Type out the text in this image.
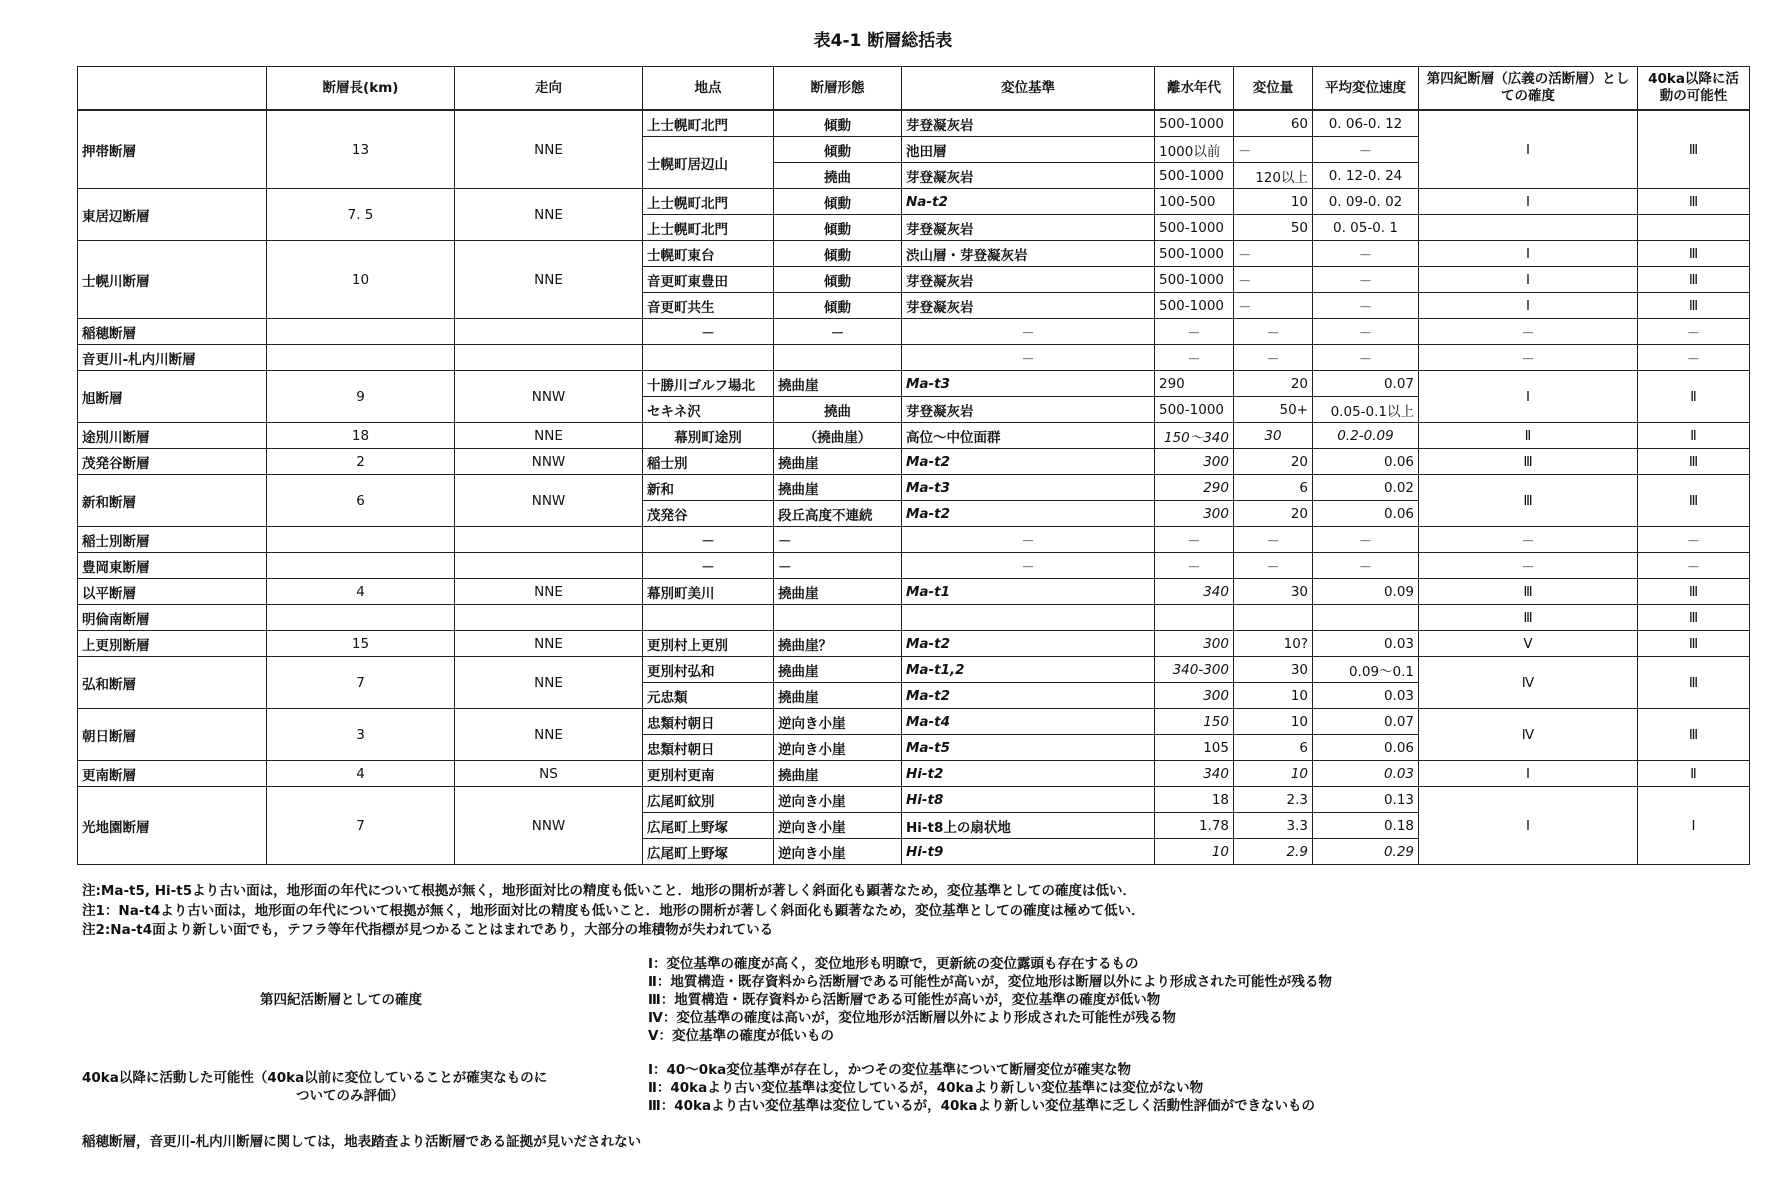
表4-1 断層総括表
	断層長(km)	走向	地点	断層形態	変位基準	離水年代	変位量	平均変位速度	第四紀断層（広義の活断層）としての確度	40ka以降に活動の可能性
押帯断層	13	NNE	上士幌町北門	傾動	芽登凝灰岩	500-1000	60	0. 06-0. 12	Ⅰ	Ⅲ
			士幌町居辺山	傾動	池田層	1000以前	－	－		
				撓曲	芽登凝灰岩	500-1000	120以上	0. 12-0. 24		
東居辺断層	7. 5	NNE	上士幌町北門	傾動	Na-t2	100-500	10	0. 09-0. 02	Ⅰ	Ⅲ
			上士幌町北門	傾動	芽登凝灰岩	500-1000	50	0. 05-0. 1		
士幌川断層	10	NNE	士幌町東台	傾動	渋山層・芽登凝灰岩	500-1000	－	－	Ⅰ	Ⅲ
			音更町東豊田	傾動	芽登凝灰岩	500-1000	－	－	Ⅰ	Ⅲ
			音更町共生	傾動	芽登凝灰岩	500-1000	－	－	Ⅰ	Ⅲ
稲穂断層			－	－	－	－	－	－	－	－
音更川-札内川断層					－	－	－	－	－	－
旭断層	9	NNW	十勝川ゴルフ場北	撓曲崖	Ma-t3	290	20	0.07	Ⅰ	Ⅱ
			セキネ沢	撓曲	芽登凝灰岩	500-1000	50+	0.05-0.1以上		
途別川断層	18	NNE	幕別町途別	（撓曲崖）	高位～中位面群	150～340	30	0.2-0.09	Ⅱ	Ⅱ
茂発谷断層	2	NNW	稲士別	撓曲崖	Ma-t2	300	20	0.06	Ⅲ	Ⅲ
新和断層	6	NNW	新和	撓曲崖	Ma-t3	290	6	0.02	Ⅲ	Ⅲ
			茂発谷	段丘高度不連続	Ma-t2	300	20	0.06		
稲士別断層			－	－	－	－	－	－	－	－
豊岡東断層			－	－	－	－	－	－	－	－
以平断層	4	NNE	幕別町美川	撓曲崖	Ma-t1	340	30	0.09	Ⅲ	Ⅲ
明倫南断層									Ⅲ	Ⅲ
上更別断層	15	NNE	更別村上更別	撓曲崖？	Ma-t2	300	10?	0.03	Ⅴ	Ⅲ
弘和断層	7	NNE	更別村弘和	撓曲崖	Ma-t1,2	340-300	30	0.09～0.1	Ⅳ	Ⅲ
			元忠類	撓曲崖	Ma-t2	300	10	0.03		
朝日断層	3	NNE	忠類村朝日	逆向き小崖	Ma-t4	150	10	0.07	Ⅳ	Ⅲ
			忠類村朝日	逆向き小崖	Ma-t5	105	6	0.06		
更南断層	4	NS	更別村更南	撓曲崖	Hi-t2	340	10	0.03	Ⅰ	Ⅱ
光地園断層	7	NNW	広尾町紋別	逆向き小崖	Hi-t8	18	2.3	0.13	Ⅰ	Ⅰ
			広尾町上野塚	逆向き小崖	Hi-t8上の扇状地	1.78	3.3	0.18		
			広尾町上野塚	逆向き小崖	Hi-t9	10	2.9	0.29		
注:Ma-t5, Hi-t5より古い面は，地形面の年代について根拠が無く，地形面対比の精度も低いこと．地形の開析が著しく斜面化も顕著なため，変位基準としての確度は低い．
注1：Na-t4より古い面は，地形面の年代について根拠が無く，地形面対比の精度も低いこと．地形の開析が著しく斜面化も顕著なため，変位基準としての確度は極めて低い．
注2:Na-t4面より新しい面でも，テフラ等年代指標が見つかることはまれであり，大部分の堆積物が失われている
第四紀活断層としての確度
Ⅰ：変位基準の確度が高く，変位地形も明瞭で，更新統の変位露頭も存在するもの
Ⅱ：地質構造・既存資料から活断層である可能性が高いが，変位地形は断層以外により形成された可能性が残る物
Ⅲ：地質構造・既存資料から活断層である可能性が高いが，変位基準の確度が低い物
Ⅳ：変位基準の確度は高いが，変位地形が活断層以外により形成された可能性が残る物
Ⅴ：変位基準の確度が低いもの
40ka以降に活動した可能性（40ka以前に変位していることが確実なものに
ついてのみ評価）
Ⅰ：40～0ka変位基準が存在し，かつその変位基準について断層変位が確実な物
Ⅱ：40kaより古い変位基準は変位しているが，40kaより新しい変位基準には変位がない物
Ⅲ：40kaより古い変位基準は変位しているが，40kaより新しい変位基準に乏しく活動性評価ができないもの
稲穂断層，音更川-札内川断層に関しては，地表踏査より活断層である証拠が見いだされない
